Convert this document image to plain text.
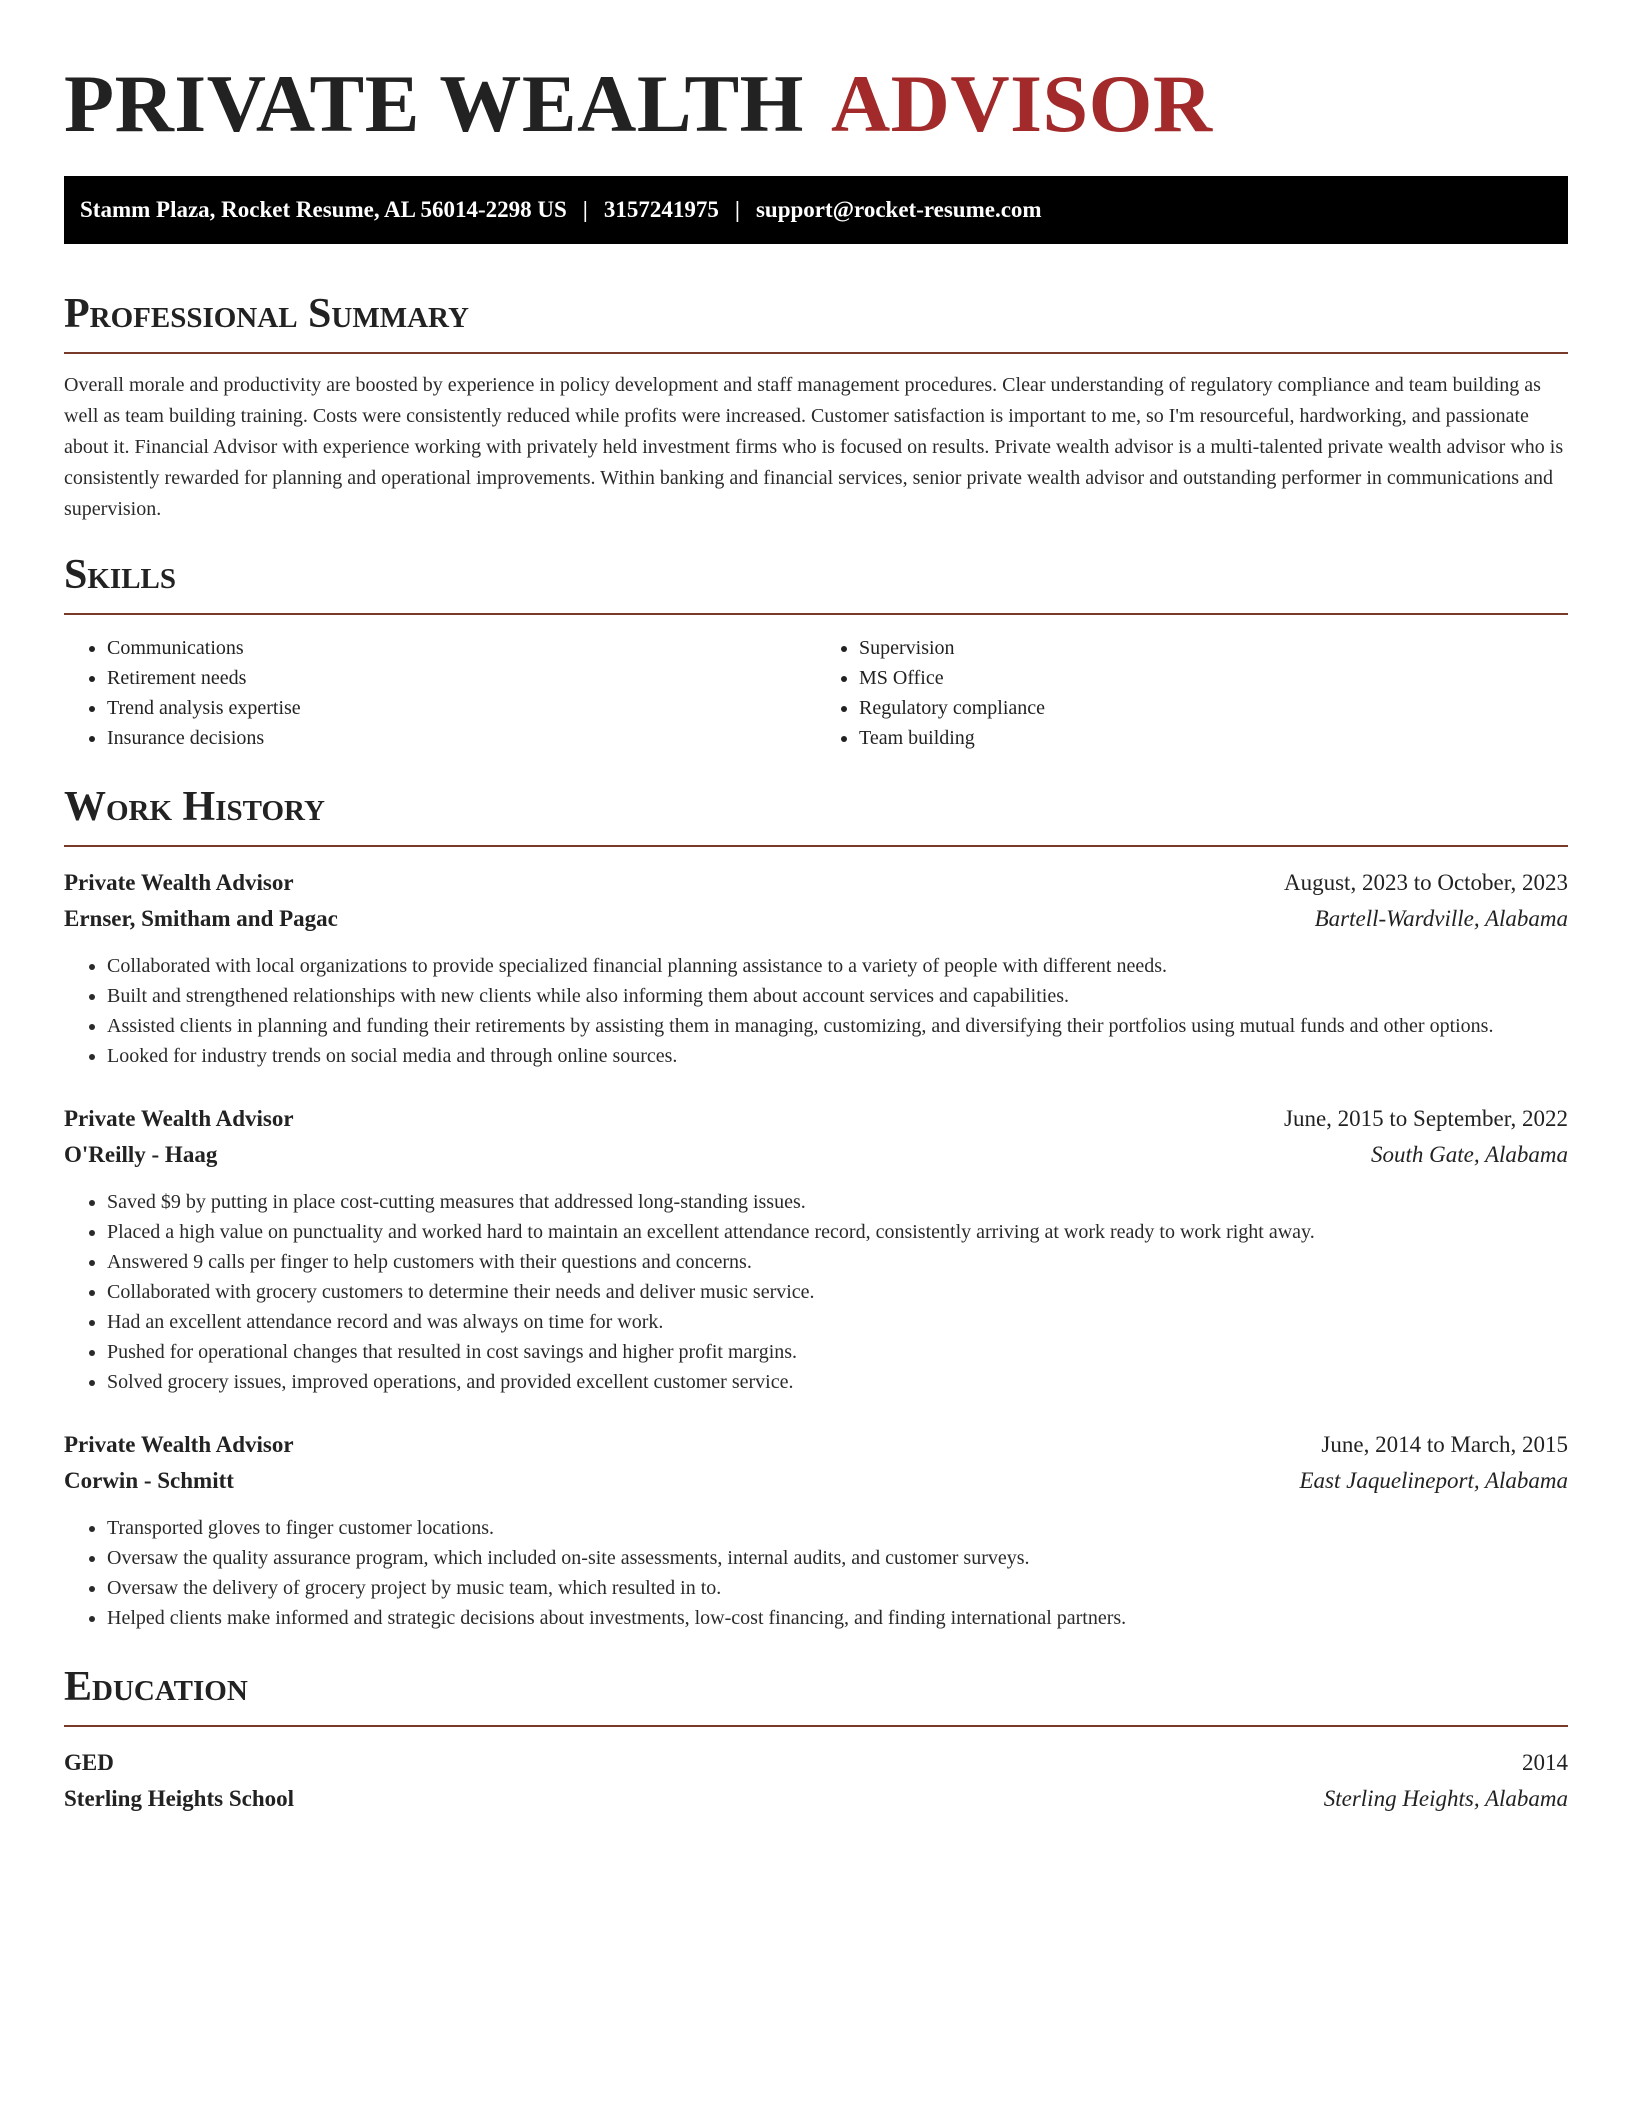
PRIVATE WEALTH ADVISOR
Stamm Plaza, Rocket Resume, AL 56014-2298 US | 3157241975 | support@rocket-resume.com
Professional Summary

Overall morale and productivity are boosted by experience in policy development and staff management procedures. Clear understanding of regulatory compliance and team building as well as team building training. Costs were consistently reduced while profits were increased. Customer satisfaction is important to me, so I'm resourceful, hardworking, and passionate about it. Financial Advisor with experience working with privately held investment firms who is focused on results. Private wealth advisor is a multi-talented private wealth advisor who is consistently rewarded for planning and operational improvements. Within banking and financial services, senior private wealth advisor and outstanding performer in communications and supervision.

Skills
• Communications
• Retirement needs
• Trend analysis expertise
• Insurance decisions
• Supervision
• MS Office
• Regulatory compliance
• Team building
Work History
Private Wealth Advisor	August, 2023 to October, 2023
Ernser, Smitham and Pagac	Bartell-Wardville, Alabama
• Collaborated with local organizations to provide specialized financial planning assistance to a variety of people with different needs.
• Built and strengthened relationships with new clients while also informing them about account services and capabilities.
• Assisted clients in planning and funding their retirements by assisting them in managing, customizing, and diversifying their portfolios using mutual funds and other options.
• Looked for industry trends on social media and through online sources.
Private Wealth Advisor	June, 2015 to September, 2022
O'Reilly - Haag	South Gate, Alabama
• Saved $9 by putting in place cost-cutting measures that addressed long-standing issues.
• Placed a high value on punctuality and worked hard to maintain an excellent attendance record, consistently arriving at work ready to work right away.
• Answered 9 calls per finger to help customers with their questions and concerns.
• Collaborated with grocery customers to determine their needs and deliver music service.
• Had an excellent attendance record and was always on time for work.
• Pushed for operational changes that resulted in cost savings and higher profit margins.
• Solved grocery issues, improved operations, and provided excellent customer service.
Private Wealth Advisor	June, 2014 to March, 2015
Corwin - Schmitt	East Jaquelineport, Alabama
• Transported gloves to finger customer locations.
• Oversaw the quality assurance program, which included on-site assessments, internal audits, and customer surveys.
• Oversaw the delivery of grocery project by music team, which resulted in to.
• Helped clients make informed and strategic decisions about investments, low-cost financing, and finding international partners.
Education
GED	2014
Sterling Heights School	Sterling Heights, Alabama
